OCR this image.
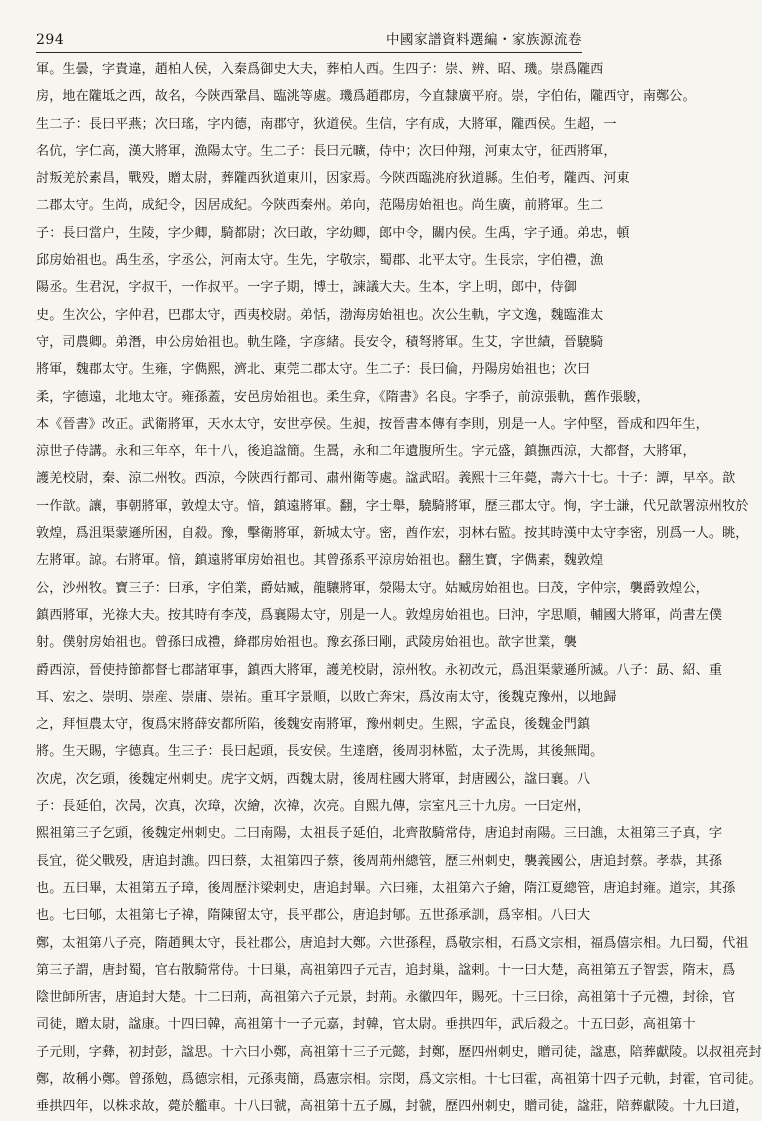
294	中國家譜資料選編・家族源流卷
軍。生曇，字貴違，趙柏人侯，入秦爲御史大夫，葬柏人西。生四子：崇、辨、昭、璣。崇爲隴西
房，地在隴坻之西，故名，今陝西鞏昌、臨洮等處。璣爲趙郡房，今直隸廣平府。崇，字伯佑，隴西守，南鄭公。
生二子：長曰平燕；次曰瑤，字内德，南郡守，狄道侯。生信，字有成，大將軍，隴西侯。生超，一
名伉，字仁高，漢大將軍，漁陽太守。生二子：長曰元曠，侍中；次曰仲翔，河東太守，征西將軍，
討叛羌於素昌，戰殁，贈太尉，葬隴西狄道東川，因家焉。今陝西臨洮府狄道縣。生伯考，隴西、河東
二郡太守。生尚，成紀令，因居成紀。今陝西秦州。弟向，范陽房始祖也。尚生廣，前將軍。生二
子：長曰當户，生陵，字少卿，騎都尉；次曰敢，字幼卿，郎中令，關内侯。生禹，字子通。弟忠，頓
邱房始祖也。禹生丞，字丞公，河南太守。生先，字敬宗，蜀郡、北平太守。生長宗，字伯禮，漁
陽丞。生君況，字叔干，一作叔平。一字子期，博士，諫議大夫。生本，字上明，郎中，侍御
史。生次公，字仲君，巴郡太守，西夷校尉。弟恬，渤海房始祖也。次公生軌，字文逸，魏臨淮太
守，司農卿。弟潛，申公房始祖也。軌生隆，字彦緒。長安令，積弩將軍。生艾，字世績，晉驍騎
將軍，魏郡太守。生雍，字儁熙，濟北、東莞二郡太守。生二子：長曰倫，丹陽房始祖也；次曰
柔，字德遠，北地太守。雍孫蓋，安邑房始祖也。柔生弇，《隋書》名良。字季子，前涼張軌，舊作張駿，
本《晉書》改正。武衛將軍，天水太守，安世亭侯。生昶，按晉書本傳有李則，別是一人。字仲堅，晉成和四年生，
涼世子侍講。永和三年卒，年十八，後追諡簡。生暠，永和二年遺腹所生。字元盛，鎮撫西涼，大都督，大將軍，
護羌校尉，秦、涼二州牧。西涼，今陝西行都司、肅州衛等處。諡武昭。義熙十三年薨，壽六十七。十子：譚，早卒。歆
一作歆。讓，事朝將軍，敦煌太守。愔，鎮遠將軍。翻，字士舉，驍騎將軍，歷三郡太守。恂，字士謙，代兄歆署涼州牧於
敦煌，爲沮渠蒙遜所困，自殺。豫，擊衛將軍，新城太守。密，酋作宏，羽林右監。按其時漢中太守李密，別爲一人。眺，
左將軍。諒。右將軍。愔，鎮遠將軍房始祖也。其曾孫系平涼房始祖也。翻生寶，字儁素，魏敦煌
公，沙州牧。寶三子：曰承，字伯業，爵姑臧，龍驤將軍，滎陽太守。姑臧房始祖也。曰茂，字仲宗，襲爵敦煌公，
鎮西將軍，光祿大夫。按其時有李茂，爲襄陽太守，別是一人。敦煌房始祖也。曰沖，字思順，輔國大將軍，尚書左僕
射。僕射房始祖也。曾孫曰成禮，絳郡房始祖也。豫玄孫曰剛，武陵房始祖也。歆字世業，襲
爵西涼，晉使持節都督七郡諸軍事，鎮西大將軍，護羌校尉，涼州牧。永初改元，爲沮渠蒙遜所滅。八子：勗、紹、重
耳、宏之、崇明、崇産、崇庸、崇祐。重耳字景順，以敗亡奔宋，爲汝南太守，後魏克豫州，以地歸
之，拜恒農太守，復爲宋將薛安都所陷，後魏安南將軍，豫州刺史。生熙，字孟良，後魏金門鎮
將。生天賜，字德真。生三子：長曰起頭，長安侯。生達磨，後周羽林監，太子洗馬，其後無聞。
次虎，次乞頭，後魏定州刺史。虎字文炳，西魏太尉，後周柱國大將軍，封唐國公，諡曰襄。八
子：長延伯，次昺，次真，次璋，次繪，次禕，次亮。自熙九傳，宗室凡三十九房。一曰定州，
熙祖第三子乞頭，後魏定州刺史。二曰南陽，太祖長子延伯，北齊散騎常侍，唐追封南陽。三曰譙，太祖第三子真，字
長宜，從父戰殁，唐追封譙。四曰蔡，太祖第四子蔡，後周荊州總管，歷三州刺史，襲義國公，唐追封蔡。孝恭，其孫
也。五曰畢，太祖第五子璋，後周歷汴梁剌史，唐追封畢。六曰雍，太祖第六子繪，隋江夏總管，唐追封雍。道宗，其孫
也。七曰郇，太祖第七子禕，隋陳留太守，長平郡公，唐追封郇。五世孫承訓，爲宰相。八曰大
鄭，太祖第八子亮，隋趙興太守，長社郡公，唐追封大鄭。六世孫程，爲敬宗相，石爲文宗相，福爲僖宗相。九曰蜀，代祖
第三子謂，唐封蜀，官右散騎常侍。十曰巢，高祖第四子元吉，追封巢，諡剌。十一曰大楚，高祖第五子智雲，隋末，爲
陰世師所害，唐追封大楚。十二曰荊，高祖第六子元景，封荊。永徽四年，賜死。十三曰徐，高祖第十子元禮，封徐，官
司徒，贈太尉，諡康。十四曰韓，高祖第十一子元嘉，封韓，官太尉。垂拱四年，武后殺之。十五曰彭，高祖第十
子元則，字彝，初封彭，諡思。十六曰小鄭，高祖第十三子元懿，封鄭，歷四州刺史，贈司徒，諡惠，陪葬獻陵。以叔祖亮封
鄭，故稱小鄭。曾孫勉，爲德宗相，元孫夷簡，爲憲宗相。宗閔，爲文宗相。十七曰霍，高祖第十四子元軌，封霍，官司徒。
垂拱四年，以株求故，薨於艦車。十八曰虢，高祖第十五子鳳，封虢，歷四州刺史，贈司徒，諡莊，陪葬獻陵。十九曰道，
